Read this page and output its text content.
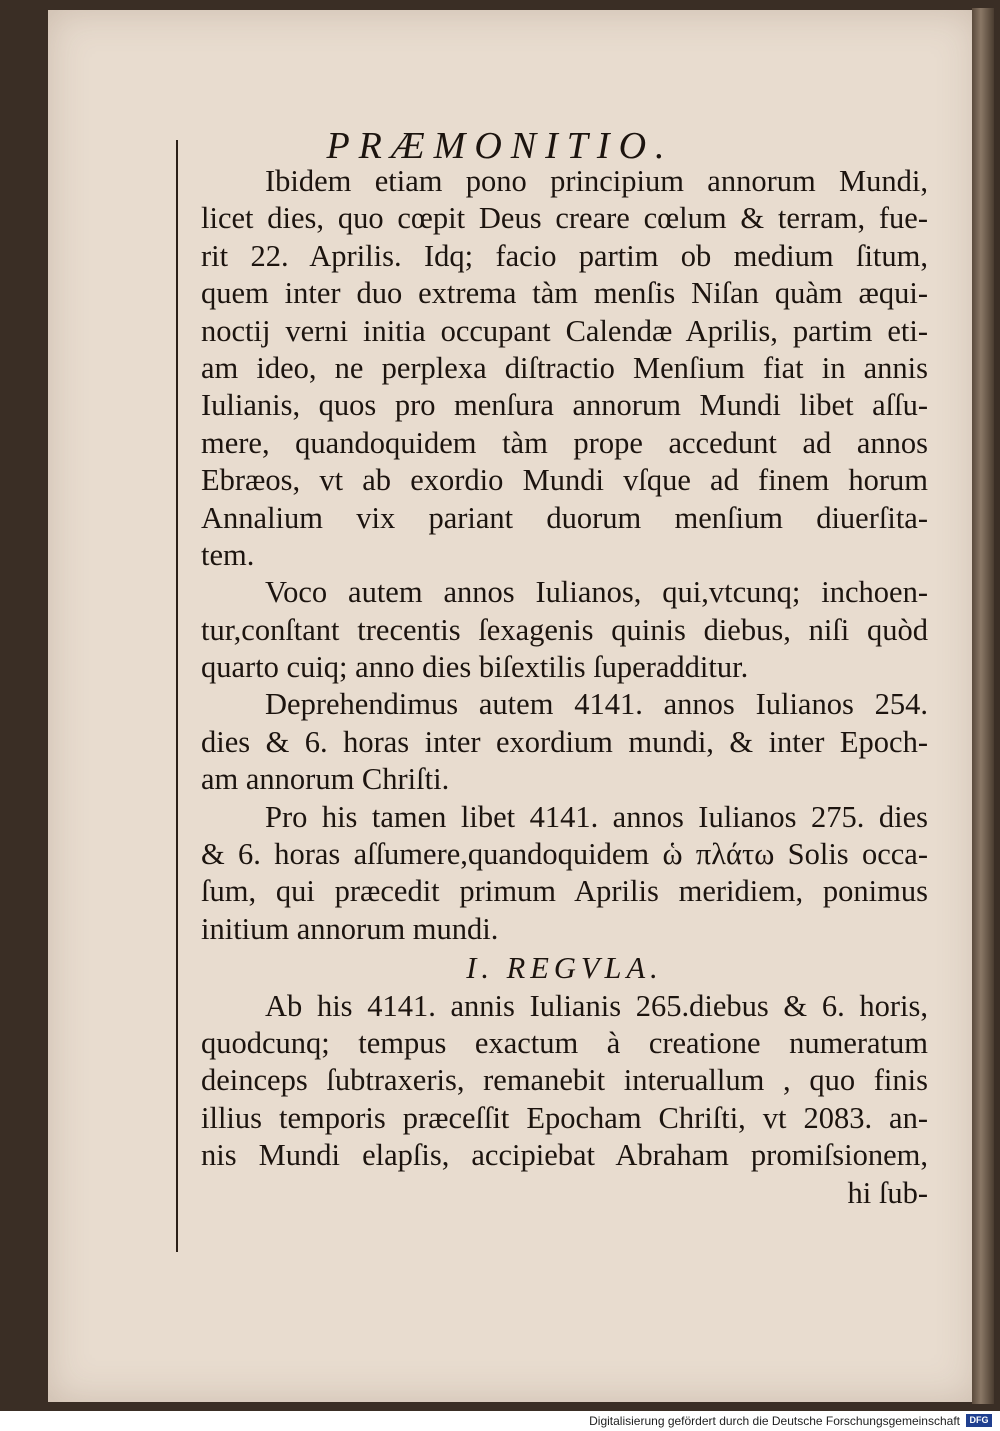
PRÆMONITIO.
Ibidem etiam pono principium annorum Mundi,
licet dies, quo cœpit Deus creare cœlum & terram, fue-
rit 22. Aprilis. Idq; facio partim ob medium ſitum,
quem inter duo extrema tàm menſis Niſan quàm æqui-
noctij verni initia occupant Calendæ Aprilis, partim eti-
am ideo, ne perplexa diſtractio Menſium fiat in annis
Iulianis, quos pro menſura annorum Mundi libet aſſu-
mere, quandoquidem tàm prope accedunt ad annos
Ebræos, vt ab exordio Mundi vſque ad finem horum
Annalium vix pariant duorum menſium diuerſita-
tem.
Voco autem annos Iulianos, qui,vtcunq; inchoen-
tur,conſtant trecentis ſexagenis quinis diebus, niſi quòd
quarto cuiq; anno dies biſextilis ſuperadditur.
Deprehendimus autem 4141. annos Iulianos 254.
dies & 6. horas inter exordium mundi, & inter Epoch-
am annorum Chriſti.
Pro his tamen libet 4141. annos Iulianos 275. dies
& 6. horas aſſumere,quandoquidem ὡ πλάτω Solis occa-
ſum, qui præcedit primum Aprilis meridiem, ponimus
initium annorum mundi.
I. REGVLA.
Ab his 4141. annis Iulianis 265.diebus & 6. horis,
quodcunq; tempus exactum à creatione numeratum
deinceps ſubtraxeris, remanebit interuallum , quo finis
illius temporis præceſſit Epocham Chriſti, vt 2083. an-
nis Mundi elapſis, accipiebat Abraham promiſsionem,
hi ſub-
Digitalisierung gefördert durch die Deutsche Forschungsgemeinschaft	DFG
